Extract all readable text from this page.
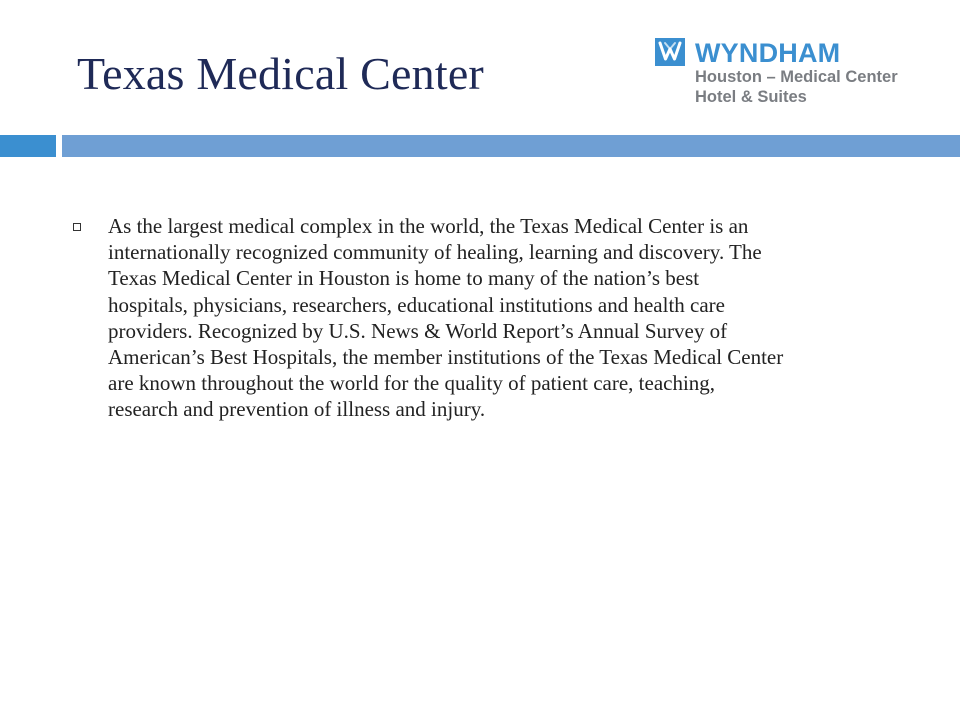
Texas Medical Center	WYNDHAM
Houston – Medical Center
Hotel & Suites
As the largest medical complex in the world, the Texas Medical Center is an
internationally recognized community of healing, learning and discovery. The
Texas Medical Center in Houston is home to many of the nation’s best
hospitals, physicians, researchers, educational institutions and health care
providers. Recognized by U.S. News & World Report’s Annual Survey of
American’s Best Hospitals, the member institutions of the Texas Medical Center
are known throughout the world for the quality of patient care, teaching,
research and prevention of illness and injury.
